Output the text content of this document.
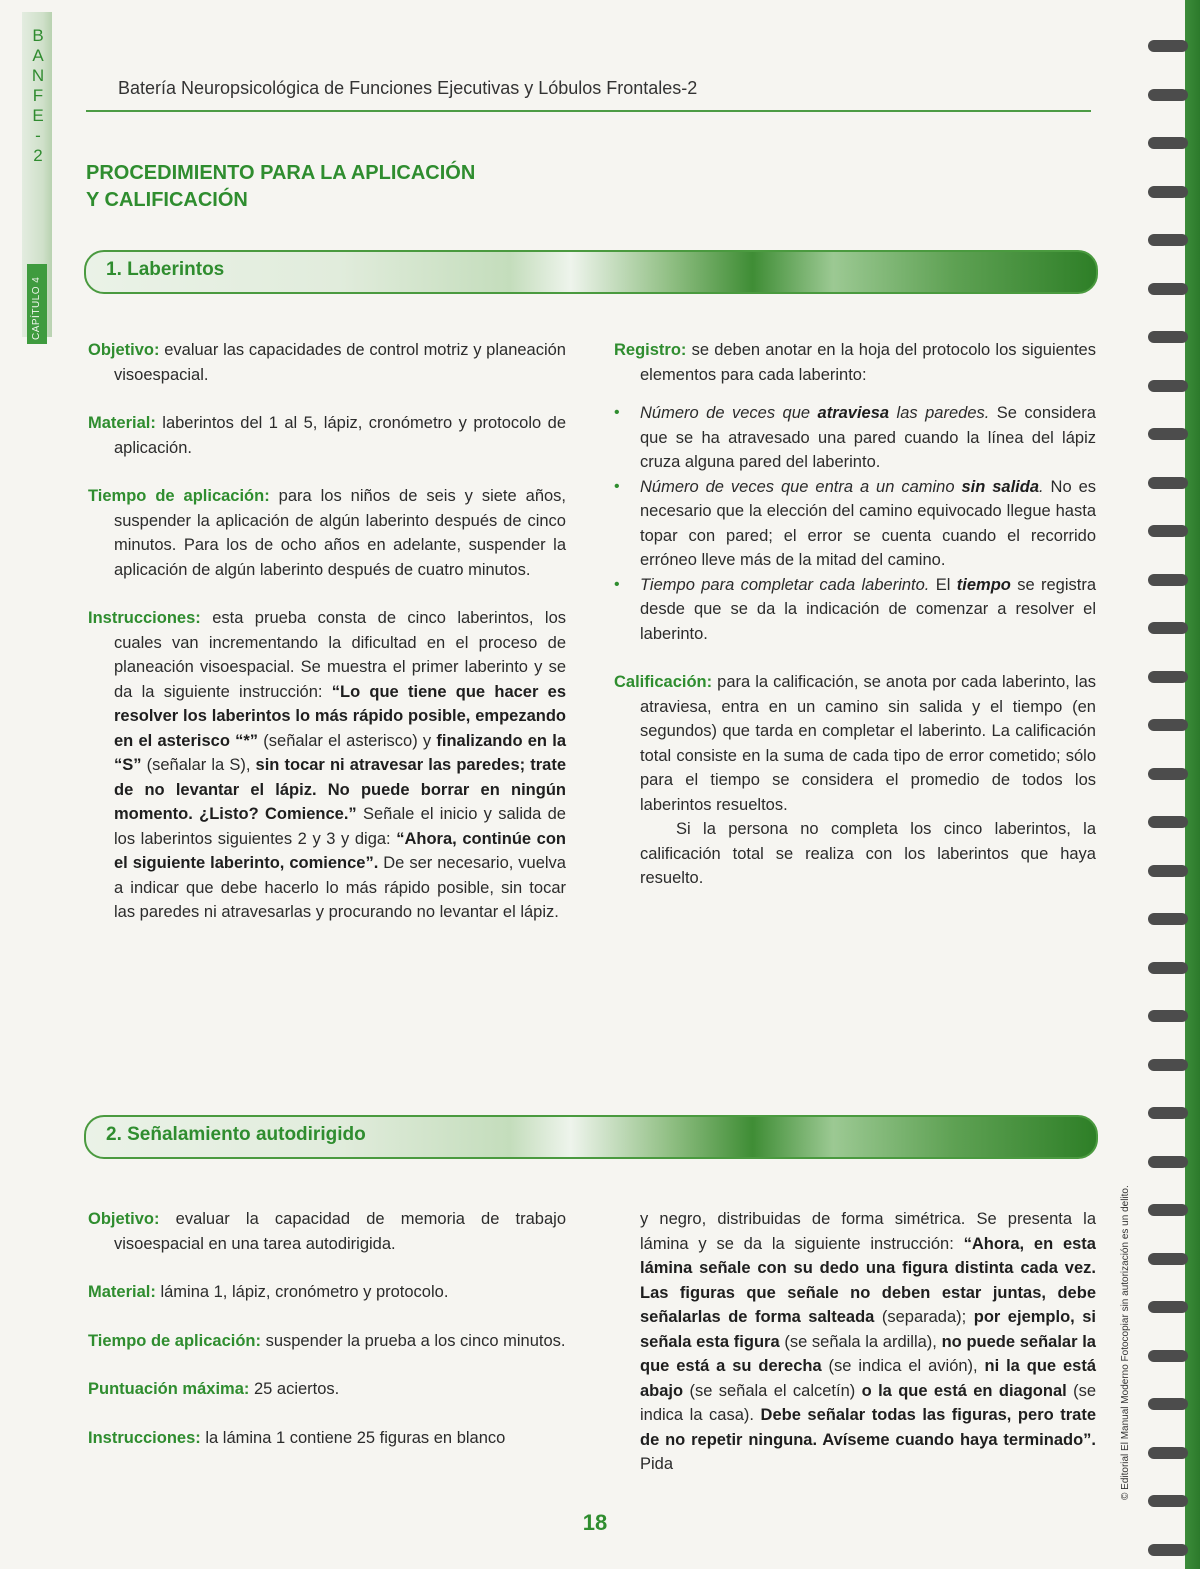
B
A
N
F
E
-
2
CAPÍTULO 4
Batería Neuropsicológica de Funciones Ejecutivas y Lóbulos Frontales-2
PROCEDIMIENTO PARA LA APLICACIÓN
Y CALIFICACIÓN
1. Laberintos

Objetivo: evaluar las capacidades de control motriz y planeación visoespacial.

Material: laberintos del 1 al 5, lápiz, cronómetro y protocolo de aplicación.

Tiempo de aplicación: para los niños de seis y siete años, suspender la aplicación de algún laberinto después de cinco minutos. Para los de ocho años en adelante, suspender la aplicación de algún laberinto después de cuatro minutos.

Instrucciones: esta prueba consta de cinco laberintos, los cuales van incrementando la dificultad en el proceso de planeación visoespacial. Se muestra el primer laberinto y se da la siguiente instrucción: “Lo que tiene que hacer es resolver los laberintos lo más rápido posible, empezando en el asterisco “*” (señalar el asterisco) y finalizando en la “S” (señalar la S), sin tocar ni atravesar las paredes; trate de no levantar el lápiz. No puede borrar en ningún momento. ¿Listo? Comience.” Señale el inicio y salida de los laberintos siguientes 2 y 3 y diga: “Ahora, continúe con el siguiente laberinto, comience”. De ser necesario, vuelva a indicar que debe hacerlo lo más rápido posible, sin tocar las paredes ni atravesarlas y procurando no levantar el lápiz.

Registro: se deben anotar en la hoja del protocolo los siguientes elementos para cada laberinto:

• Número de veces que atraviesa las paredes. Se considera que se ha atravesado una pared cuando la línea del lápiz cruza alguna pared del laberinto.
• Número de veces que entra a un camino sin salida. No es necesario que la elección del camino equivocado llegue hasta topar con pared; el error se cuenta cuando el recorrido erróneo lleve más de la mitad del camino.
• Tiempo para completar cada laberinto. El tiempo se registra desde que se da la indicación de comenzar a resolver el laberinto.

Calificación: para la calificación, se anota por cada laberinto, las atraviesa, entra en un camino sin salida y el tiempo (en segundos) que tarda en completar el laberinto. La calificación total consiste en la suma de cada tipo de error cometido; sólo para el tiempo se considera el promedio de todos los laberintos resueltos.

Si la persona no completa los cinco laberintos, la calificación total se realiza con los laberintos que haya resuelto.

2. Señalamiento autodirigido

Objetivo: evaluar la capacidad de memoria de trabajo visoespacial en una tarea autodirigida.

Material: lámina 1, lápiz, cronómetro y protocolo.

Tiempo de aplicación: suspender la prueba a los cinco minutos.

Puntuación máxima: 25 aciertos.

Instrucciones: la lámina 1 contiene 25 figuras en blanco

y negro, distribuidas de forma simétrica. Se presenta la lámina y se da la siguiente instrucción: “Ahora, en esta lámina señale con su dedo una figura distinta cada vez. Las figuras que señale no deben estar juntas, debe señalarlas de forma salteada (separada); por ejemplo, si señala esta figura (se señala la ardilla), no puede señalar la que está a su derecha (se indica el avión), ni la que está abajo (se señala el calcetín) o la que está en diagonal (se indica la casa). Debe señalar todas las figuras, pero trate de no repetir ninguna. Avíseme cuando haya terminado”. Pida

18
© Editorial El Manual Moderno Fotocopiar sin autorización es un delito.
